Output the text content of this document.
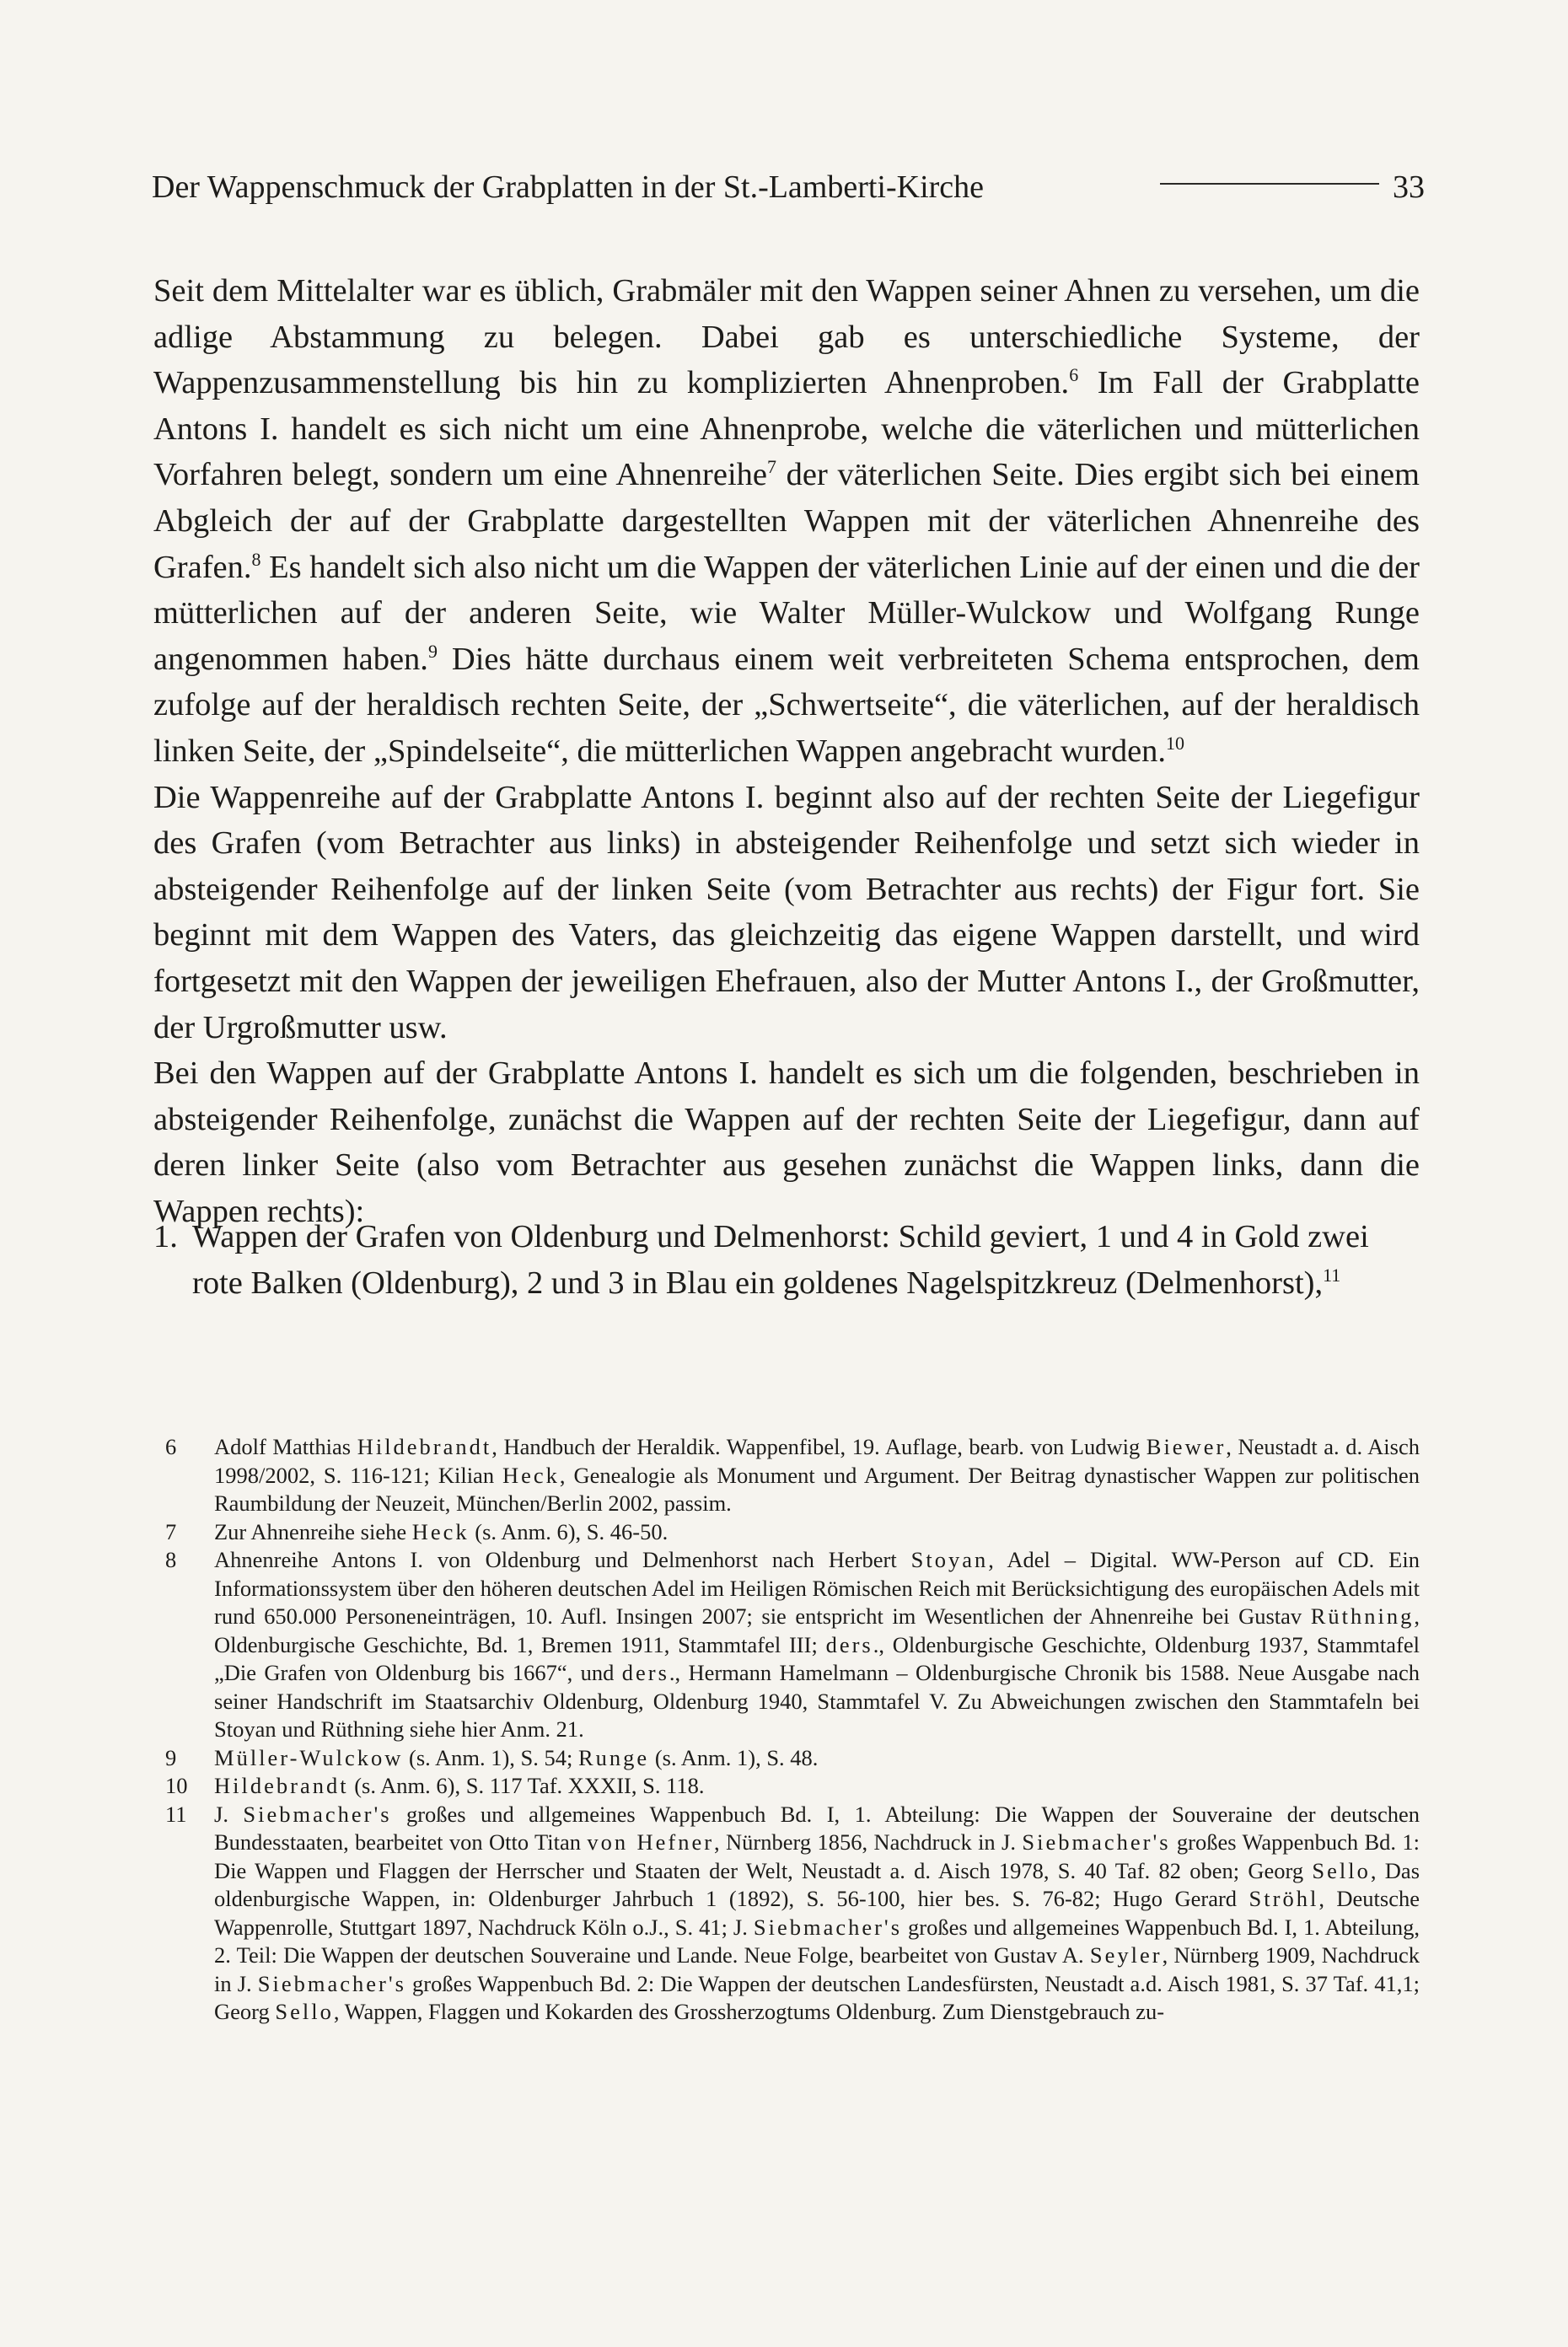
Der Wappenschmuck der Grabplatten in der St.-Lamberti-Kirche	33

Seit dem Mittelalter war es üblich, Grabmäler mit den Wappen seiner Ahnen zu versehen, um die adlige Abstammung zu belegen. Dabei gab es unterschiedliche Systeme, der Wappenzusammenstellung bis hin zu komplizierten Ahnenproben.$^6$ Im Fall der Grabplatte Antons I. handelt es sich nicht um eine Ahnenprobe, welche die väterlichen und mütterlichen Vorfahren belegt, sondern um eine Ahnenreihe$^7$ der väterlichen Seite. Dies ergibt sich bei einem Abgleich der auf der Grabplatte dargestellten Wappen mit der väterlichen Ahnenreihe des Grafen.$^8$ Es handelt sich also nicht um die Wappen der väterlichen Linie auf der einen und die der mütterlichen auf der anderen Seite, wie Walter Müller-Wulckow und Wolfgang Runge angenommen haben.$^9$ Dies hätte durchaus einem weit verbreiteten Schema entsprochen, dem zufolge auf der heraldisch rechten Seite, der „Schwertseite“, die väterlichen, auf der heraldisch linken Seite, der „Spindelseite“, die mütterlichen Wappen angebracht wurden.$^{10}$

Die Wappenreihe auf der Grabplatte Antons I. beginnt also auf der rechten Seite der Liegefigur des Grafen (vom Betrachter aus links) in absteigender Reihenfolge und setzt sich wieder in absteigender Reihenfolge auf der linken Seite (vom Betrachter aus rechts) der Figur fort. Sie beginnt mit dem Wappen des Vaters, das gleichzeitig das eigene Wappen darstellt, und wird fortgesetzt mit den Wappen der jeweiligen Ehefrauen, also der Mutter Antons I., der Großmutter, der Urgroßmutter usw.

Bei den Wappen auf der Grabplatte Antons I. handelt es sich um die folgenden, beschrieben in absteigender Reihenfolge, zunächst die Wappen auf der rechten Seite der Liegefigur, dann auf deren linker Seite (also vom Betrachter aus gesehen zunächst die Wappen links, dann die Wappen rechts):

1. Wappen der Grafen von Oldenburg und Delmenhorst: Schild geviert, 1 und 4 in Gold zwei rote Balken (Oldenburg), 2 und 3 in Blau ein goldenes Nagelspitzkreuz (Delmenhorst),$^{11}$
6	Adolf Matthias Hildebrandt, Handbuch der Heraldik. Wappenfibel, 19. Auflage, bearb. von Ludwig Biewer, Neustadt a. d. Aisch 1998/2002, S. 116-121; Kilian Heck, Genealogie als Monument und Argument. Der Beitrag dynastischer Wappen zur politischen Raumbildung der Neuzeit, München/Berlin 2002, passim.
7	Zur Ahnenreihe siehe Heck (s. Anm. 6), S. 46-50.
8	Ahnenreihe Antons I. von Oldenburg und Delmenhorst nach Herbert Stoyan, Adel – Digital. WW-Person auf CD. Ein Informationssystem über den höheren deutschen Adel im Heiligen Römischen Reich mit Berücksichtigung des europäischen Adels mit rund 650.000 Personeneinträgen, 10. Aufl. Insingen 2007; sie entspricht im Wesentlichen der Ahnenreihe bei Gustav Rüthning, Oldenburgische Geschichte, Bd. 1, Bremen 1911, Stammtafel III; ders., Oldenburgische Geschichte, Oldenburg 1937, Stammtafel „Die Grafen von Oldenburg bis 1667“, und ders., Hermann Hamelmann – Oldenburgische Chronik bis 1588. Neue Ausgabe nach seiner Handschrift im Staatsarchiv Oldenburg, Oldenburg 1940, Stammtafel V. Zu Abweichungen zwischen den Stammtafeln bei Stoyan und Rüthning siehe hier Anm. 21.
9	Müller-Wulckow (s. Anm. 1), S. 54; Runge (s. Anm. 1), S. 48.
10	Hildebrandt (s. Anm. 6), S. 117 Taf. XXXII, S. 118.
11	J. Siebmacher's großes und allgemeines Wappenbuch Bd. I, 1. Abteilung: Die Wappen der Souveraine der deutschen Bundesstaaten, bearbeitet von Otto Titan von Hefner, Nürnberg 1856, Nachdruck in J. Siebmacher's großes Wappenbuch Bd. 1: Die Wappen und Flaggen der Herrscher und Staaten der Welt, Neustadt a. d. Aisch 1978, S. 40 Taf. 82 oben; Georg Sello, Das oldenburgische Wappen, in: Oldenburger Jahrbuch 1 (1892), S. 56-100, hier bes. S. 76-82; Hugo Gerard Ströhl, Deutsche Wappenrolle, Stuttgart 1897, Nachdruck Köln o.J., S. 41; J. Siebmacher's großes und allgemeines Wappenbuch Bd. I, 1. Abteilung, 2. Teil: Die Wappen der deutschen Souveraine und Lande. Neue Folge, bearbeitet von Gustav A. Seyler, Nürnberg 1909, Nachdruck in J. Siebmacher's großes Wappenbuch Bd. 2: Die Wappen der deutschen Landesfürsten, Neustadt a.d. Aisch 1981, S. 37 Taf. 41,1; Georg Sello, Wappen, Flaggen und Kokarden des Grossherzogtums Oldenburg. Zum Dienstgebrauch zu-
